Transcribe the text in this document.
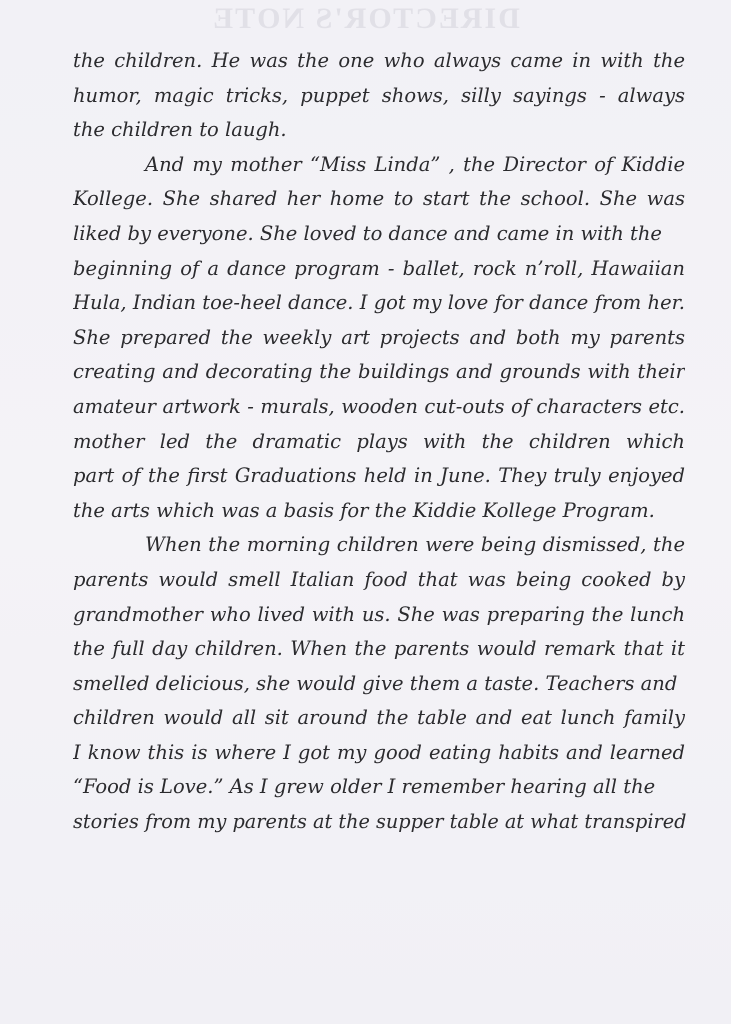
DIRECTOR'S NOTE
the children. He was the one who always came in with the
humor, magic tricks, puppet shows, silly sayings - always
the children to laugh.
And my mother “Miss Linda” , the Director of Kiddie
Kollege. She shared her home to start the school. She was
liked by everyone. She loved to dance and came in with the
beginning of a dance program - ballet, rock n’roll, Hawaiian
Hula, Indian toe-heel dance. I got my love for dance from her.
She prepared the weekly art projects and both my parents
creating and decorating the buildings and grounds with their
amateur artwork - murals, wooden cut-outs of characters etc.
mother led the dramatic plays with the children which
part of the first Graduations held in June. They truly enjoyed
the arts which was a basis for the Kiddie Kollege Program.
When the morning children were being dismissed, the
parents would smell Italian food that was being cooked by
grandmother who lived with us. She was preparing the lunch
the full day children. When the parents would remark that it
smelled delicious, she would give them a taste. Teachers and
children would all sit around the table and eat lunch family
I know this is where I got my good eating habits and learned
“Food is Love.” As I grew older I remember hearing all the
stories from my parents at the supper table at what transpired
